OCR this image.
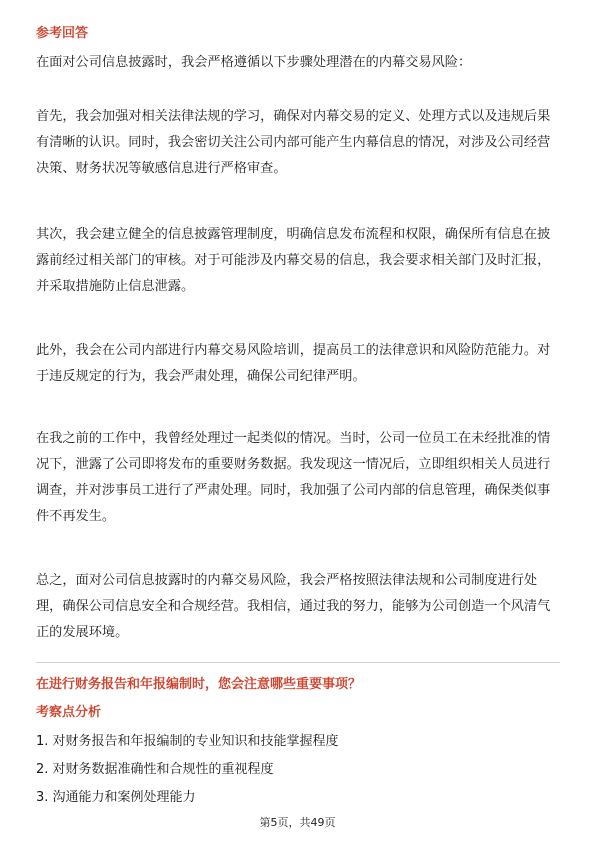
参考回答

在面对公司信息披露时，我会严格遵循以下步骤处理潜在的内幕交易风险：

首先，我会加强对相关法律法规的学习，确保对内幕交易的定义、处理方式以及违规后果有清晰的认识。同时，我会密切关注公司内部可能产生内幕信息的情况，对涉及公司经营决策、财务状况等敏感信息进行严格审查。

其次，我会建立健全的信息披露管理制度，明确信息发布流程和权限，确保所有信息在披露前经过相关部门的审核。对于可能涉及内幕交易的信息，我会要求相关部门及时汇报，并采取措施防止信息泄露。

此外，我会在公司内部进行内幕交易风险培训，提高员工的法律意识和风险防范能力。对于违反规定的行为，我会严肃处理，确保公司纪律严明。

在我之前的工作中，我曾经处理过一起类似的情况。当时，公司一位员工在未经批准的情况下，泄露了公司即将发布的重要财务数据。我发现这一情况后，立即组织相关人员进行调查，并对涉事员工进行了严肃处理。同时，我加强了公司内部的信息管理，确保类似事件不再发生。

总之，面对公司信息披露时的内幕交易风险，我会严格按照法律法规和公司制度进行处理，确保公司信息安全和合规经营。我相信，通过我的努力，能够为公司创造一个风清气正的发展环境。

在进行财务报告和年报编制时，您会注意哪些重要事项？
考察点分析
1. 对财务报告和年报编制的专业知识和技能掌握程度
2. 对财务数据准确性和合规性的重视程度
3. 沟通能力和案例处理能力
第5页，共49页
